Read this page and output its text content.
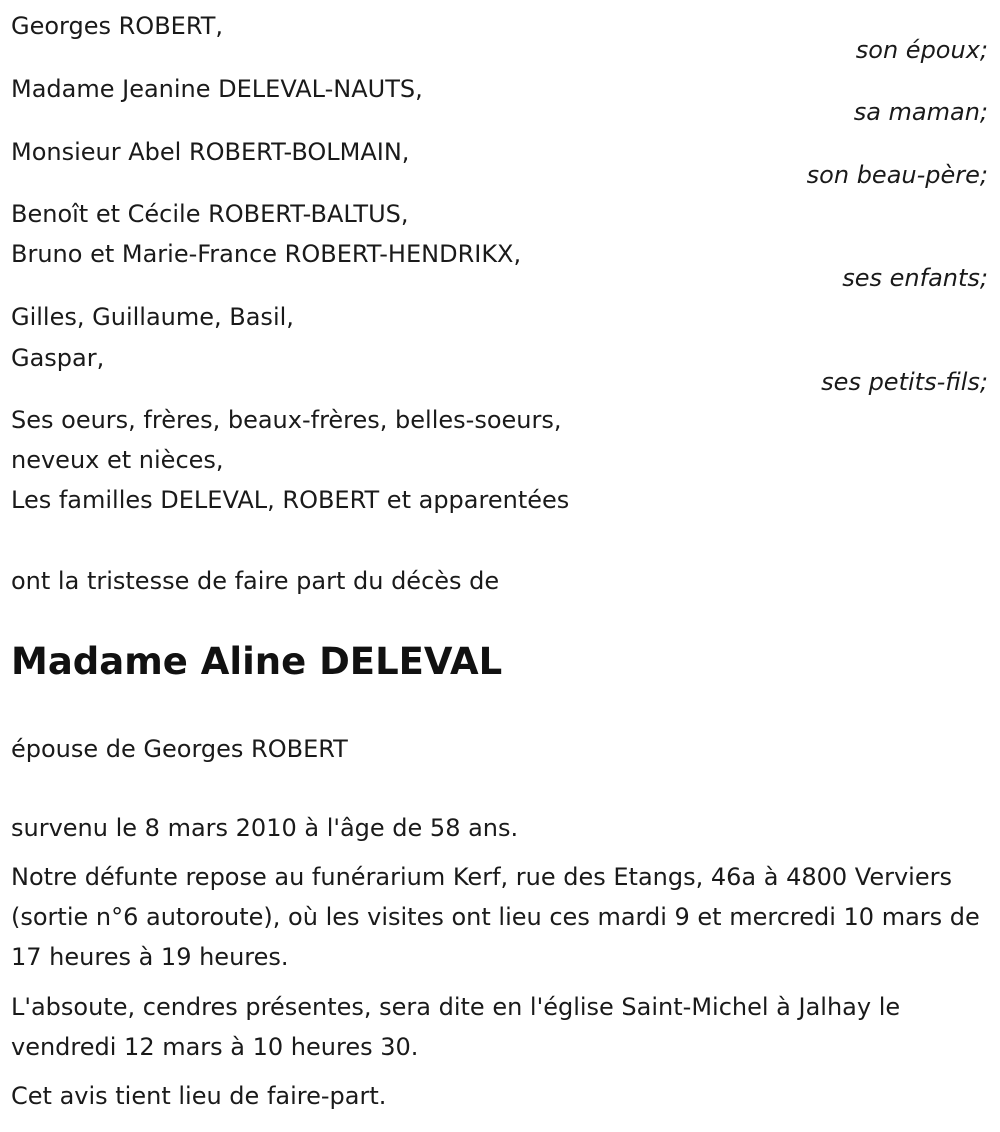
Georges ROBERT,

son époux;

Madame Jeanine DELEVAL-NAUTS,

sa maman;

Monsieur Abel ROBERT-BOLMAIN,

son beau-père;

Benoît et Cécile ROBERT-BALTUS,

Bruno et Marie-France ROBERT-HENDRIKX,

ses enfants;

Gilles, Guillaume, Basil,

Gaspar,

ses petits-fils;

Ses oeurs, frères, beaux-frères, belles-soeurs,

neveux et nièces,

Les familles DELEVAL, ROBERT et apparentées

ont la tristesse de faire part du décès de

Madame Aline DELEVAL

épouse de Georges ROBERT

survenu le 8 mars 2010 à l'âge de 58 ans.

Notre défunte repose au funérarium Kerf, rue des Etangs, 46a à 4800 Verviers (sortie n°6 autoroute), où les visites ont lieu ces mardi 9 et mercredi 10 mars de 17 heures à 19 heures.

L'absoute, cendres présentes, sera dite en l'église Saint-Michel à Jalhay le vendredi 12 mars à 10 heures 30.

Cet avis tient lieu de faire-part.
